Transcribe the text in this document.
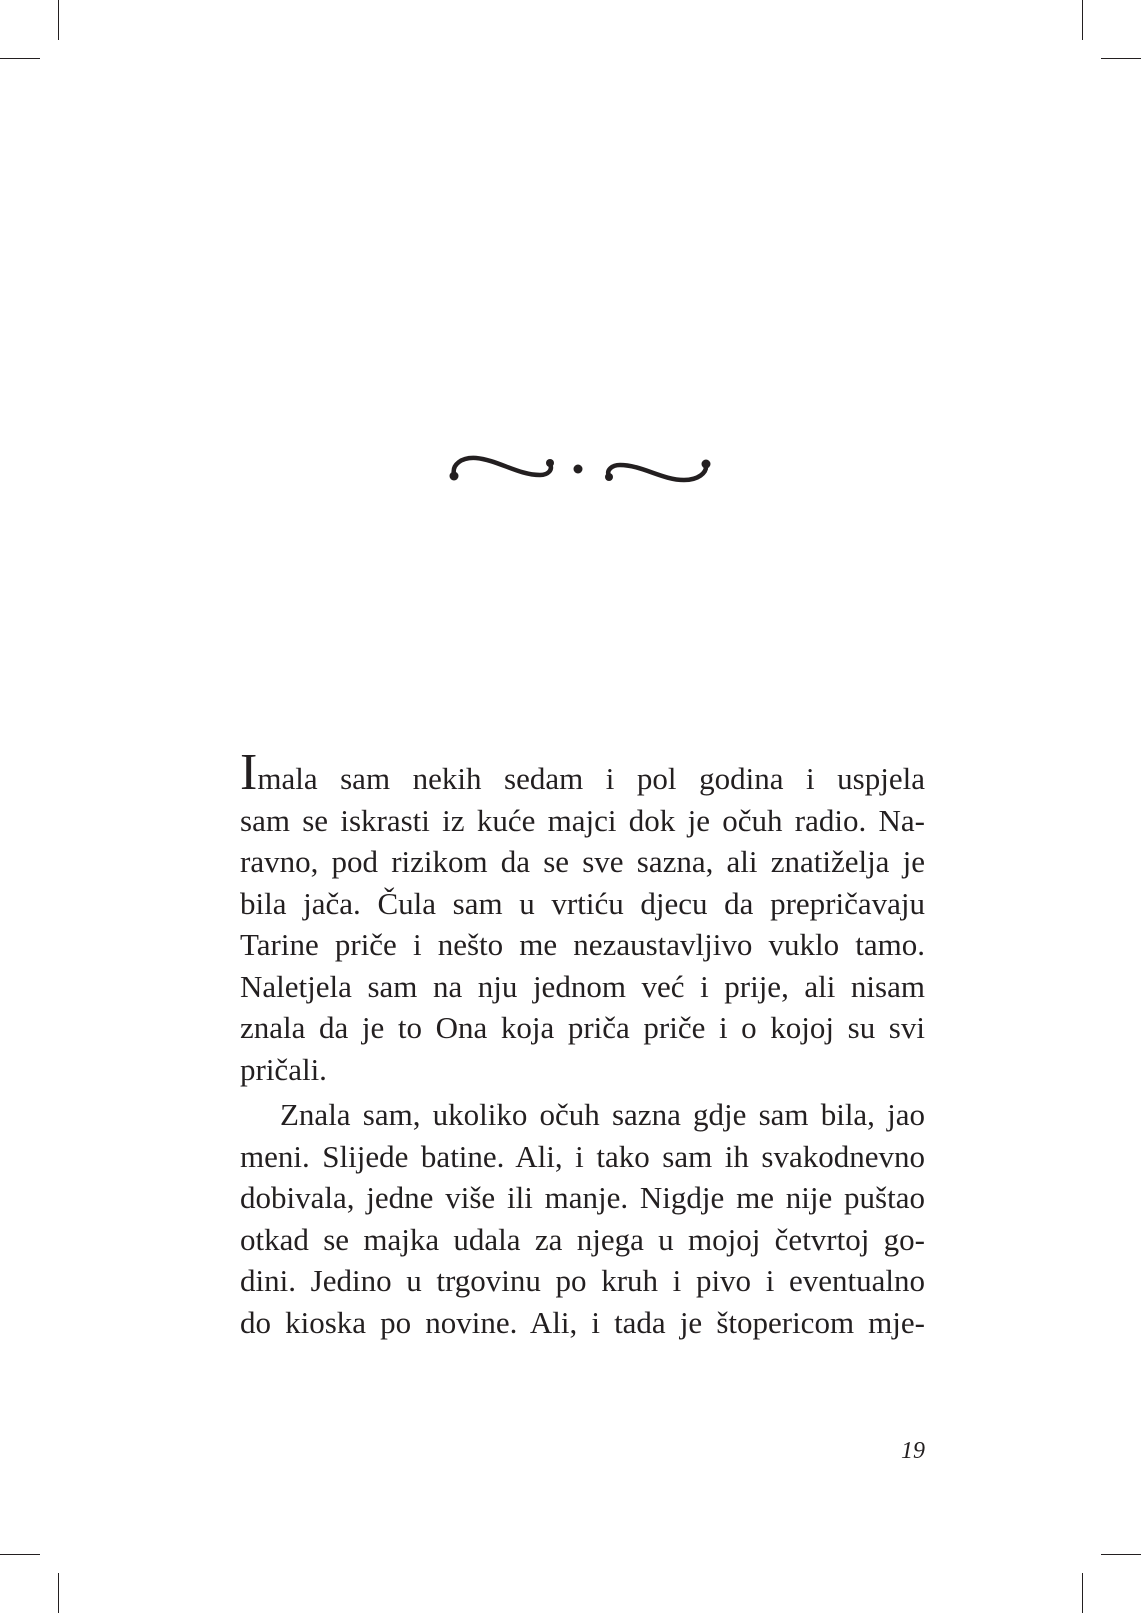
Imala sam nekih sedam i pol godina i uspjela
sam se iskrasti iz kuće majci dok je očuh radio. Na-
ravno, pod rizikom da se sve sazna, ali znatiželja je
bila jača. Čula sam u vrtiću djecu da prepričavaju
Tarine priče i nešto me nezaustavljivo vuklo tamo.
Naletjela sam na nju jednom već i prije, ali nisam
znala da je to Ona koja priča priče i o kojoj su svi
pričali.
Znala sam, ukoliko očuh sazna gdje sam bila, jao
meni. Slijede batine. Ali, i tako sam ih svakodnevno
dobivala, jedne više ili manje. Nigdje me nije puštao
otkad se majka udala za njega u mojoj četvrtoj go-
dini. Jedino u trgovinu po kruh i pivo i eventualno
do kioska po novine. Ali, i tada je štopericom mje-
19
